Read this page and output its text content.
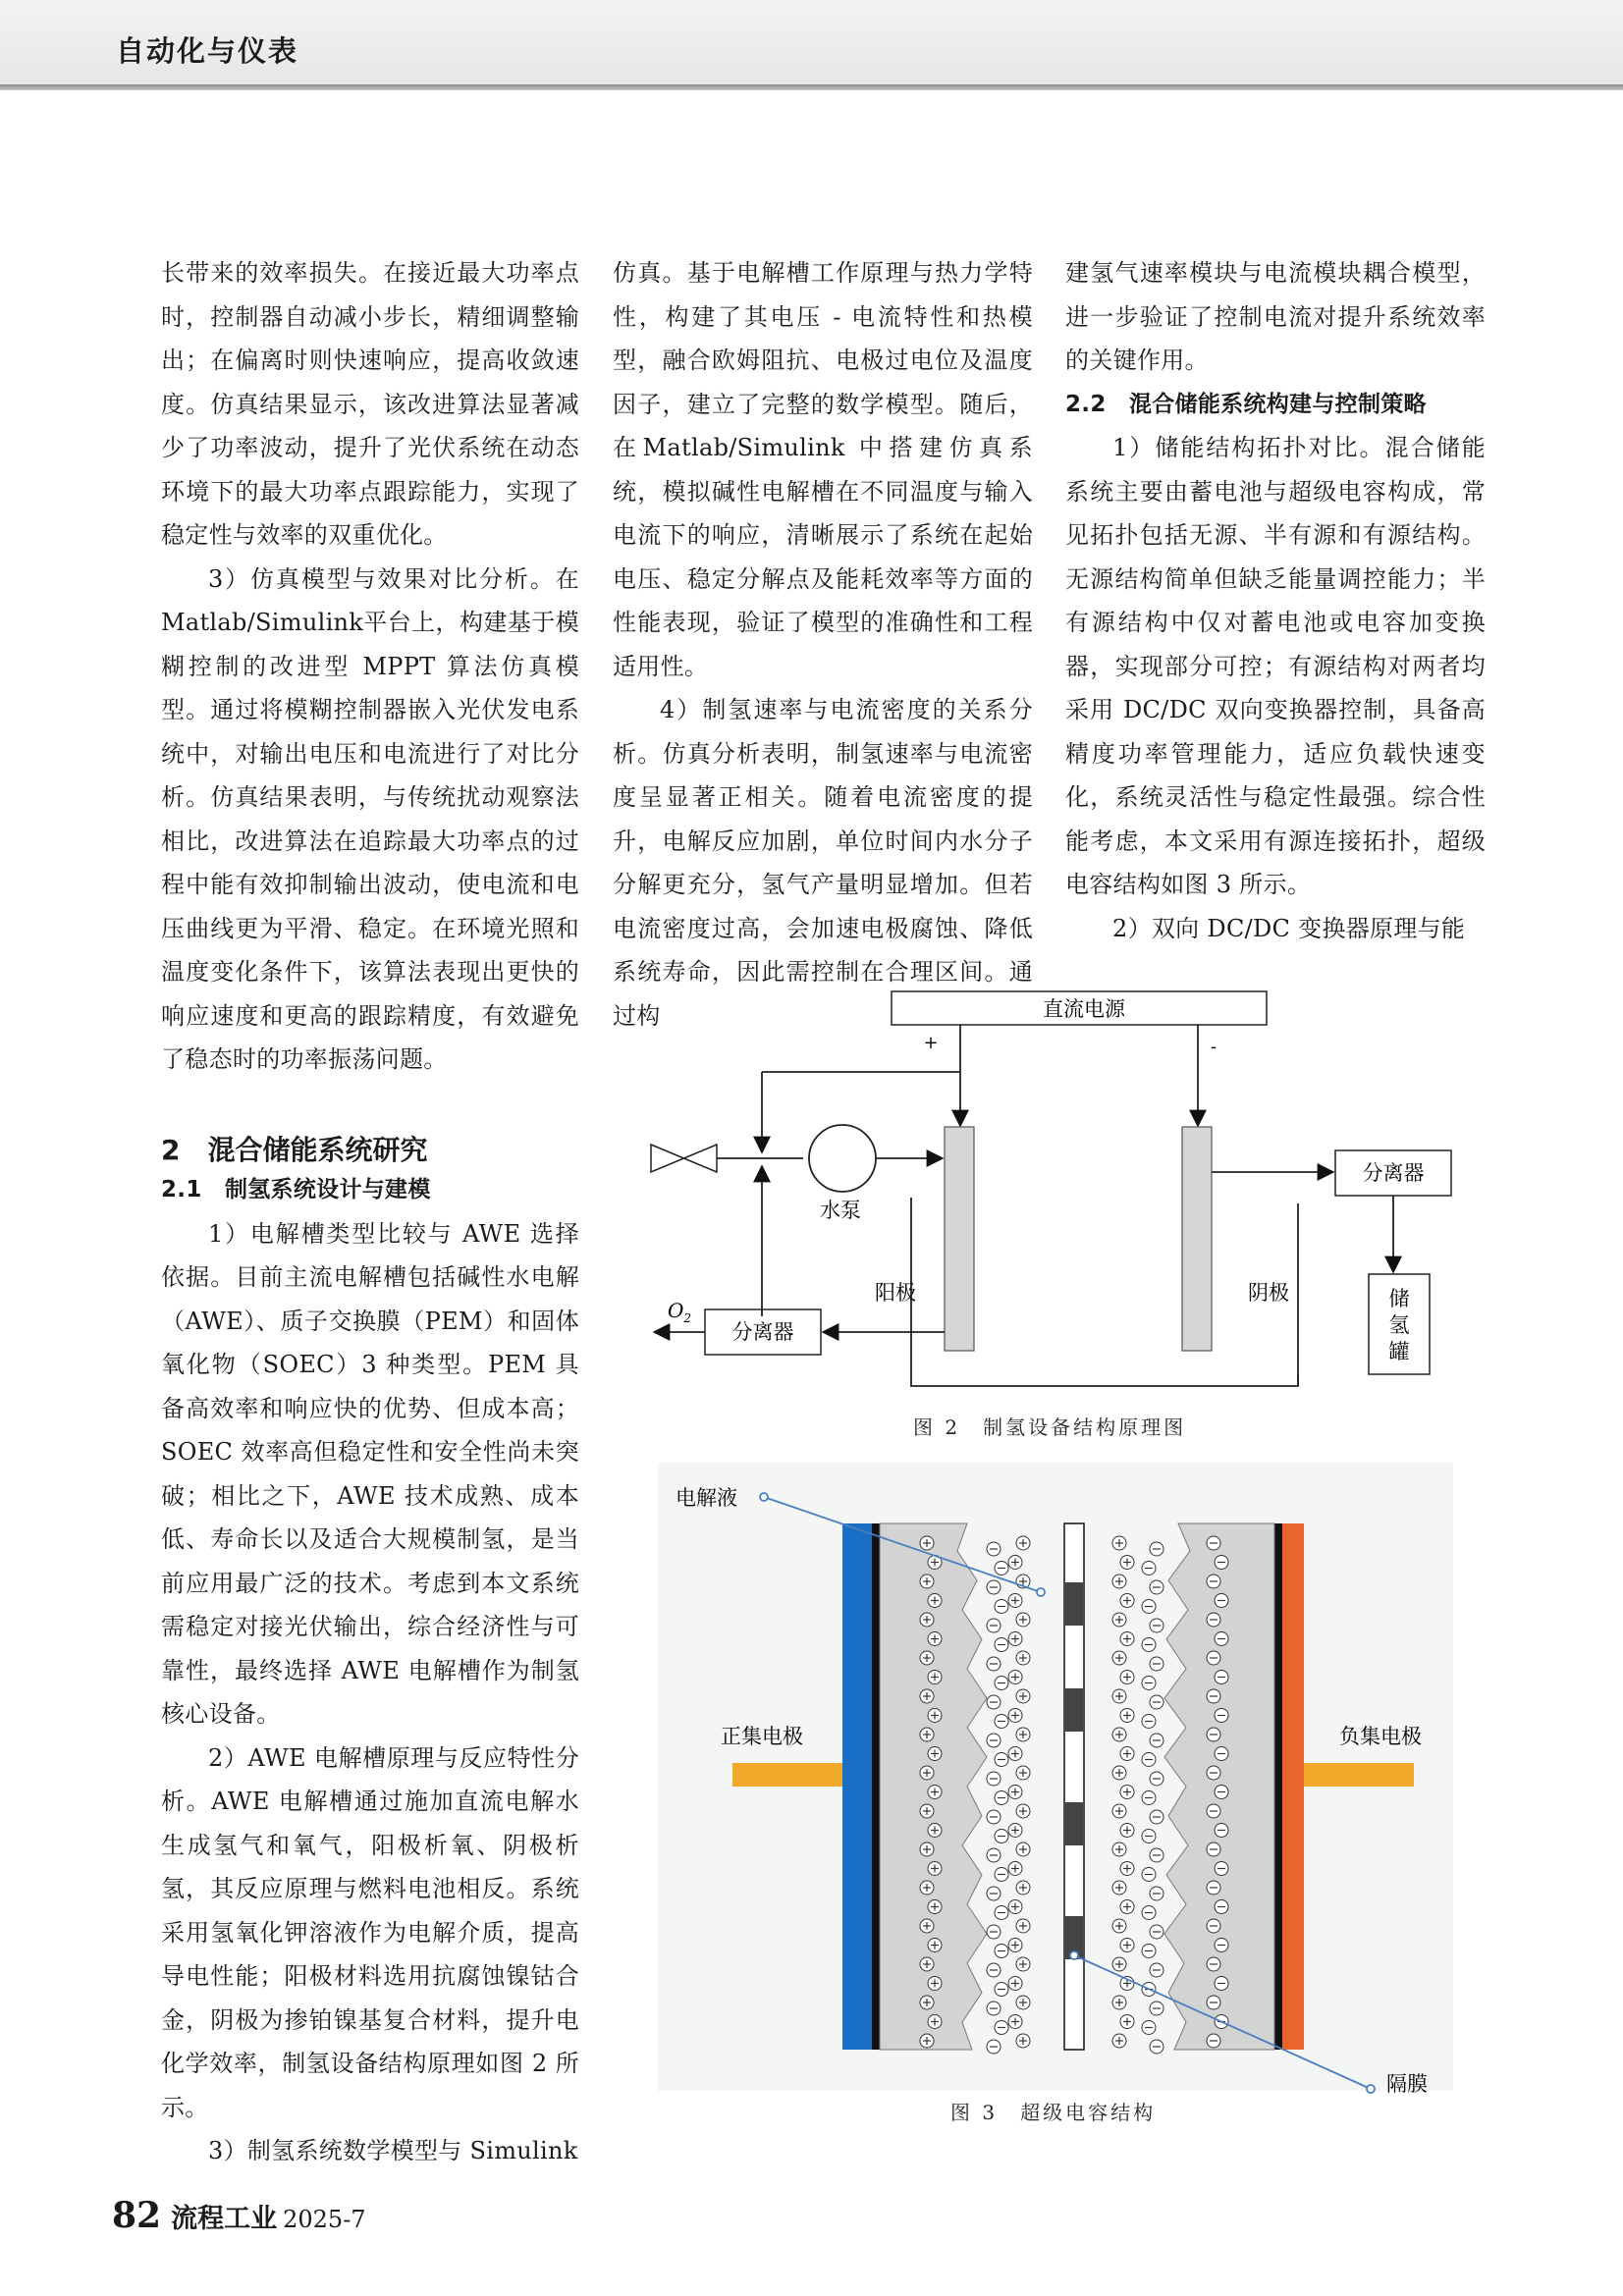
自动化与仪表

长带来的效率损失。在接近最大功率点时，控制器自动减小步长，精细调整输出；在偏离时则快速响应，提高收敛速度。仿真结果显示，该改进算法显著减少了功率波动，提升了光伏系统在动态环境下的最大功率点跟踪能力，实现了稳定性与效率的双重优化。

3）仿真模型与效果对比分析。在Matlab/Simulink平台上，构建基于模糊控制的改进型 MPPT 算法仿真模型。通过将模糊控制器嵌入光伏发电系统中，对输出电压和电流进行了对比分析。仿真结果表明，与传统扰动观察法相比，改进算法在追踪最大功率点的过程中能有效抑制输出波动，使电流和电压曲线更为平滑、稳定。在环境光照和温度变化条件下，该算法表现出更快的响应速度和更高的跟踪精度，有效避免了稳态时的功率振荡问题。

2　混合储能系统研究
2.1　制氢系统设计与建模

1）电解槽类型比较与 AWE 选择依据。目前主流电解槽包括碱性水电解（AWE）、质子交换膜（PEM）和固体氧化物（SOEC）3 种类型。PEM 具备高效率和响应快的优势、但成本高；SOEC 效率高但稳定性和安全性尚未突破；相比之下，AWE 技术成熟、成本低、寿命长以及适合大规模制氢，是当前应用最广泛的技术。考虑到本文系统需稳定对接光伏输出，综合经济性与可靠性，最终选择 AWE 电解槽作为制氢核心设备。

2）AWE 电解槽原理与反应特性分析。AWE 电解槽通过施加直流电解水生成氢气和氧气，阳极析氧、阴极析氢，其反应原理与燃料电池相反。系统采用氢氧化钾溶液作为电解介质，提高导电性能；阳极材料选用抗腐蚀镍钴合金，阴极为掺铂镍基复合材料，提升电化学效率，制氢设备结构原理如图 2 所示。

3）制氢系统数学模型与 Simulink

仿真。基于电解槽工作原理与热力学特性，构建了其电压 - 电流特性和热模型，融合欧姆阻抗、电极过电位及温度因子，建立了完整的数学模型。随后，在Matlab/Simulink 中搭建仿真系统，模拟碱性电解槽在不同温度与输入电流下的响应，清晰展示了系统在起始电压、稳定分解点及能耗效率等方面的性能表现，验证了模型的准确性和工程适用性。

4）制氢速率与电流密度的关系分析。仿真分析表明，制氢速率与电流密度呈显著正相关。随着电流密度的提升，电解反应加剧，单位时间内水分子分解更充分，氢气产量明显增加。但若电流密度过高，会加速电极腐蚀、降低系统寿命，因此需控制在合理区间。通过构

建氢气速率模块与电流模块耦合模型，进一步验证了控制电流对提升系统效率的关键作用。

2.2　混合储能系统构建与控制策略

1）储能结构拓扑对比。混合储能系统主要由蓄电池与超级电容构成，常见拓扑包括无源、半有源和有源结构。无源结构简单但缺乏能量调控能力；半有源结构中仅对蓄电池或电容加变换器，实现部分可控；有源结构对两者均采用 DC/DC 双向变换器控制，具备高精度功率管理能力，适应负载快速变化，系统灵活性与稳定性最强。综合性能考虑，本文采用有源连接拓扑，超级电容结构如图 3 所示。

2）双向 DC/DC 变换器原理与能

直流电源
+	-
水泵
分离器
$O_2$
阳极	阴极
分离器
储
氢
罐
图 2　制氢设备结构原理图
电解液
正集电极	负集电极
隔膜
图 3　超级电容结构
82 流程工业 2025-7
